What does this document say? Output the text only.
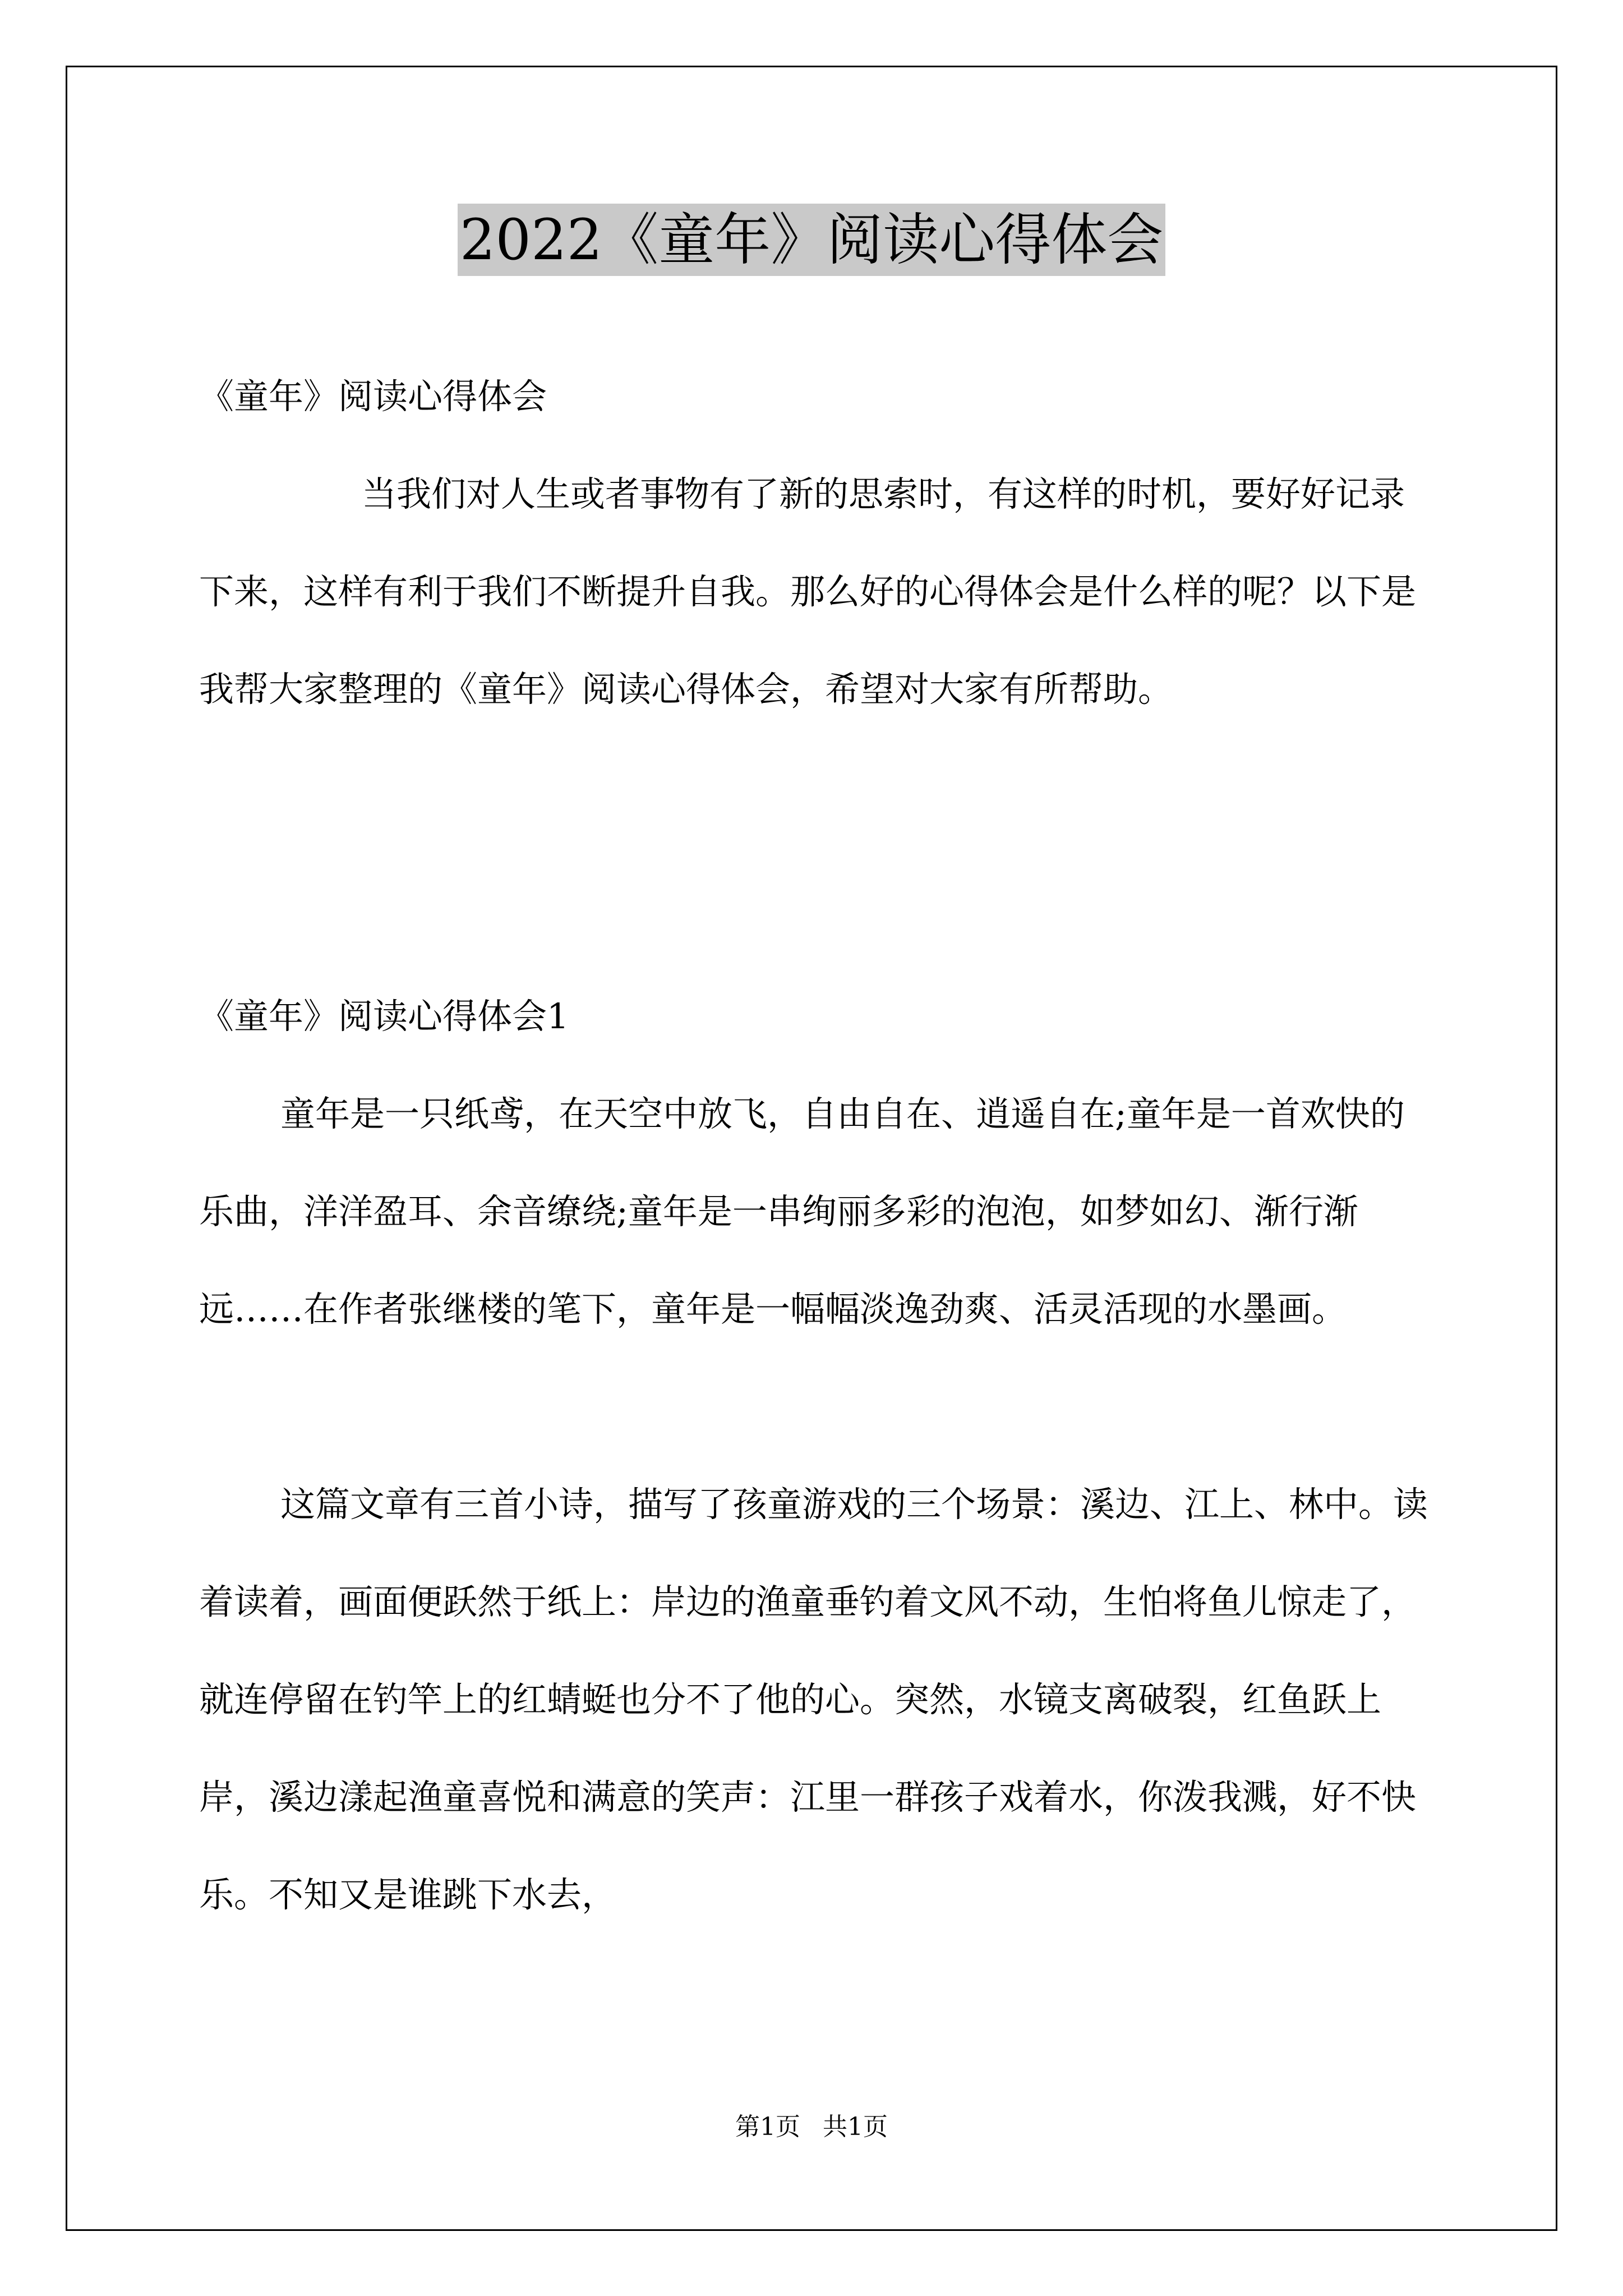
2022《童年》阅读心得体会

《童年》阅读心得体会

当我们对人生或者事物有了新的思索时，有这样的时机，要好好记录下来，这样有利于我们不断提升自我。那么好的心得体会是什么样的呢？以下是我帮大家整理的《童年》阅读心得体会，希望对大家有所帮助。

《童年》阅读心得体会1

童年是一只纸鸢，在天空中放飞，自由自在、逍遥自在;童年是一首欢快的乐曲，洋洋盈耳、余音缭绕;童年是一串绚丽多彩的泡泡，如梦如幻、渐行渐远……在作者张继楼的笔下，童年是一幅幅淡逸劲爽、活灵活现的水墨画。

这篇文章有三首小诗，描写了孩童游戏的三个场景：溪边、江上、林中。读着读着，画面便跃然于纸上：岸边的渔童垂钓着文风不动，生怕将鱼儿惊走了，就连停留在钓竿上的红蜻蜓也分不了他的心。突然，水镜支离破裂，红鱼跃上岸，溪边漾起渔童喜悦和满意的笑声：江里一群孩子戏着水，你泼我溅，好不快乐。不知又是谁跳下水去，

第1页 共1页
